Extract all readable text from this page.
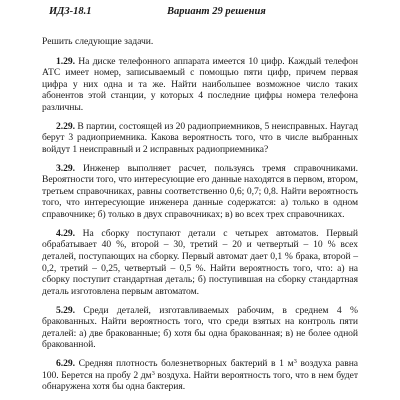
ИДЗ-18.1	Вариант 29 решения
Решить следующие задачи.

1.29. На диске телефонного аппарата имеется 10 цифр. Каждый телефон АТС имеет номер, записываемый с помощью пяти цифр, причем первая цифра у них одна и та же. Найти наибольшее возможное число таких абонентов этой станции, у которых 4 последние цифры номера телефона различны.

2.29. В партии, состоящей из 20 радиоприемников, 5 неисправных. Наугад берут 3 радиоприемника. Какова вероятность того, что в числе выбранных войдут 1 неисправный и 2 исправных радиоприемника?

3.29. Инженер выполняет расчет, пользуясь тремя справочниками. Вероятности того, что интересующие его данные находятся в первом, втором, третьем справочниках, равны соответственно 0,6; 0,7; 0,8. Найти вероятность того, что интересующие инженера данные содержатся: а) только в одном справочнике; б) только в двух справочниках; в) во всех трех справочниках.

4.29. На сборку поступают детали с четырех автоматов. Первый обрабатывает 40 %, второй – 30, третий – 20 и четвертый – 10 % всех деталей, поступающих на сборку. Первый автомат дает 0,1 % брака, второй – 0,2, третий – 0,25, четвертый – 0,5 %. Найти вероятность того, что: а) на сборку поступит стандартная деталь; б) поступившая на сборку стандартная деталь изготовлена первым автоматом.

5.29. Среди деталей, изготавливаемых рабочим, в среднем 4 % бракованных. Найти вероятность того, что среди взятых на контроль пяти деталей: а) две бракованные; б) хотя бы одна бракованная; в) не более одной бракованной.

6.29. Средняя плотность болезнетворных бактерий в 1 $м^3$ воздуха равна 100. Берется на пробу 2 $дм^3$ воздуха. Найти вероятность того, что в нем будет обнаружена хотя бы одна бактерия.
